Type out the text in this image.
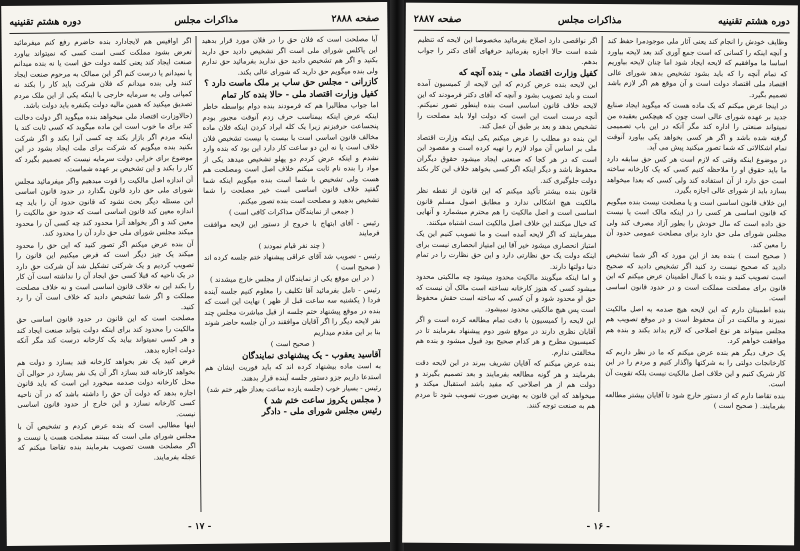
صفحه ۲۸۸۸
مذاکرات مجلس
دوره هشتم تقنینیه

آیا مصلحت است که فلان حق را در فلان مورد قرار بدهید این پاکلس شورای ملی است اگر تشخیص دادید حق دارید بکنید و اگر هم تشخیص دادید حق ندارید بفرمائید حق ندارم ولی بنده میگویم حق دارید که شورای عالی بکند.

کازرانی - مجلس حق ساب بر ملک ماست دارد ؟

کفیل وزارت اقتصاد ملی - حالا بنده کار تمام

اما جواب مطالبرا هم که فرمودند بنده دوام بواسطه خاطر اینکه عرض اینکه بیمناسب حرف زدم آنوقت مجبور بودم پنجساعت حرفبزنم زیرا یک کله ایراد کردن اینکه فلان ماده مخالف قانون اساسی است یا بیست یا نیست تشخیص فلان خلاف است یا نه این دو ساعت کار دارد این بود که بنده وارد نشدم و اینکه عرض کردم دو پهلو تشخیص میدهد یکی از مواد را بنده نام ثابت میکنم خلاف اصل است ومصلحت هم هست ولی تشخیص با شما است بنده میگویم اینکه شما گفتید خلاف قانون اساسی است خیر مصلحت را شما تشخیص بدهید و مصلحت است بنده تصور میکنم.

( جمعی از نمایندگان مذاکرات کافی است )

رئیس - آقای ابتهاج با خروج از دستور این لایحه موافقت فرمایند

( چند نفر قیام نمودند )

رئیس - تصویب شد آقای عراقی پیشنهاد ختم جلسه کرده اند ( صحیح است )

( در این موقع یکی از نمایندگان از مجلس خارج میشدند )

رئیس - تامل بفرمائید آقا تکلیف را معلوم کنیم جلسه آینده فردا ( یکشنبه سه ساعت قبل از ظهر ) نهایت این است که بنده در موقع پیشنهاد ختم جلسه از قبل مباشرت مجلس چند نفر لایحه دیگر را اگر آقایان موافقند در آن جلسه حاضر شوند بنا بر این مقدم میداریم

( صحیح است )

آقاسید یعقوب - یک پیشنهادی نمایندگان

به است ماده بیشنهاد کرده اند که باید فوریت ایشان هم استدعا داریم جزو دستور جلسه آینده قرار بدهند.

رئیس - بسیار خوب (جلسه یازده ساعت بعداز ظهر ختم شد)

( مجلس یکروز ساعت ختم شد )

رئیس مجلس شورای ملی - دادگر

اگر اوافیس هم لایجادارد بنده حاضرم رفع کنم میفرمائید تعرض بشود مملکت کسی است کسی که نمیتواند بیاورد صنعت ایجاد کند یعنی کلمه دولت حق است یا نه بنده میدانم یا نمیدانم یا درست کنم اگر این ممالک به مرحوم صنعت ایجاد کنند ولی بنده میدانم که فلان شرکت باید کار را بکند نه کمپانی ولی به سرمایه خارجی یا اینکه یکی از این ملک مردم تصدیق میکنید که همین مالیه دولت یکنفره باید دولت باشد.

(حالاوزارت اقتصاد ملی میخواهد بنده میگوید اگر دولت دخالت کند برای ما خوب است این ماده میگوید که کسی ثابت کند یا اینکه مردم اگر بازار بکند چه کسی آنرا بکند و اگر شرکت بکنید بنده میگویم که شرکت برای ملت ایجاد بشود در این موضوع برای خرابی دولت سرمایه نیست که تصمیم بگیرد که کار را بکند و این تشخیص بر عهده شماست.

آن اندازه اصل مالکیت را قوت میدهیم واگر میفرمائید مجلس شورای ملی حق دارد قانون بگذارد در حدود قانون اساسی این مسئله دیگر بحث نشود که قانون حدود آن را باید چه اندازه معین کند قانون اساسی است که حدود حق مالکیت را معین کند و اگر بخواهد آنرا محدود کند چه کسی آن را محدود میکند مجلس شورای ملی حق دارد آن را محدود کند.

آن بنده عرض میکنم اگر تصور کنید که این حق را محدود میکند یک چیز دیگر است که فرض میکنیم این قانون را تصویب کردیم و یک شرکتی تشکیل شد آن شرکت حق دارد در یک ناحیه که قبلا کسی حق ایجاد آن را نداشته است آن کار را بکند این نه خلاف قانون اساسی است و نه خلاف مصلحت مملکت و اگر شما تشخیص دادید که خلاف است آن را رد کنید.

مصلحت است که این قانون در حدود قانون اساسی حق مالکیت را محدود کند برای اینکه دولت بتواند صنعت ایجاد کند و هر کسی نمیتواند بیاید یک کارخانه درست کند مگر آنکه دولت اجازه بدهد.

فرض کنید یک نفر بخواهد کارخانه قند بسازد و دولت هم بخواهد کارخانه قند بسازد اگر آن یک نفر بسازد در حوالی آن محل کارخانه دولت صدمه میخورد این است که باید قانون اجازه بدهد که دولت آن حق را داشته باشد که در آن ناحیه کسی کارخانه نسازد و این خارج از حدود قانون اساسی نیست.

اینها مطالبی است که بنده عرض کردم و تشخیص آن با مجلس شورای ملی است که ببینند مصلحت هست یا نیست و اگر مصلحت هست تصویب بفرمایند بنده تقاضا میکنم که عجله بفرمایند.

- ۱۷ -
دوره هشتم تقنینیه
مذاکرات مجلس
صفحه ۲۸۸۷

وظایف خودش را انجام کند یعنی آثار ملی موجودمرا حفظ کند و آنچه اینکه را کسانی که است جمع آوری کند بعد لایحه بیاورد اساسا ما موافقیم که لایحه ایجاد شود اما چنان لایحه بیاوریم که تمام آنچه را که باید بشود تشخیص بدهد شورای عالی اقتصاد ملی اقتصاد دولت است و آن موقع هم اگر لازم باشد تصمیم بگیرد.

در اینجا عرض میکنم که یک ماده هست که میگوید ایجاد صنایع جدید بر عهده شورای عالی است چون که هیچکس بعقیده من نمیتواند صنعتی را اداره کند مگر آنکه در این باب تصمیمی گرفته شده باشد و اگر هر کسی بخواهد یکی بیاورد آنوقت تمام اشکالاتی که شما تصور میکنید پیش می آید.

در موضوع اینکه وقتی که لازم است هر کس حق سابقه دارد ما باید حقوق او را ملاحظه کنیم کسی که یک کارخانه ساخته است حق دارد از آن استفاده کند ولی کسی که بعدا میخواهد بسازد باید از شورای عالی اجازه بگیرد.

این خلاف قانون اساسی است و یا مصلحت نیست بنده میگویم که قانون اساسی هر کسی را در اینکه مالک است یا نیست حق داده است که مال خودش را بطور آزاد مصرف کند ولی مجلس شورای ملی حق دارد برای مصلحت عمومی حدود آن را معین کند.

( صحیح است ) بنده بعد از این مورد که اگر شما تشخیص دادید که صحیح نیست رد کنید اگر تشخیص دادید که صحیح است تصویب کنید و بنده با کمال اطمینان عرض میکنم که این قانون برای مصلحت مملکت است و در حدود قانون اساسی است.

بنده اطمینان دارم که این لایحه هیچ صدمه به اصل مالکیت نمیزند و مالکیت در آن محفوظ است و در موقع تصویب هم مجلس میتواند هر نوع اصلاحی که لازم بداند بکند و بنده هم موافقت خواهم کرد.

یک حرف دیگر هم بنده عرض میکنم که ما در نظر داریم که کارخانجات دولتی را به شرکتها واگذار کنیم و مردم را در این کار شریک کنیم و این خلاف اصل مالکیت نیست بلکه تقویت آن است.

بنده تقاضا دارم که از دستور خارج شود تا آقایان بیشتر مطالعه بفرمایند. ( صحیح است )

اگر نواقصی دارد اصلاح بفرمائید مخصوصا این لایحه که تنظیم شده است حالا اجازه بفرمائید حرفهای آقای دکتر را جواب بدهم.

کفیل وزارت اقتصاد ملی - بنده آنچه که

این لایحه بنده عرض کردم که این لایحه از کمیسیون آمده است و باید تصویب بشود و آنچه که آقای دکتر فرمودند که این لایحه خلاف قانون اساسی است بنده اینطور تصور نمیکنم. آنچه درست است این است که دولت اولا باید مصلحت را تشخیص بدهد و بعد بر طبق آن عمل کند.

این بنده دو مطلب را عرض میکنم یکی اینکه وزارت اقتصاد ملی بر اساس آن مواد لازم را تهیه کرده است و مقصود این است که در هر کجا که صنعتی ایجاد میشود حقوق دیگران محفوظ باشد و دیگر اینکه اگر کسی بخواهد خلاف این کار بکند دولت جلوگیری کند.

قانون بنده بیشتر تأکید میکنم که این قانون از نقطه نظر مالکیت هیچ اشکالی ندارد و مطابق اصول مسلم قانون اساسی است و اصل مالکیت را هم محترم میشمارد و آنهایی که خیال میکنند این خلاف اصل مالکیت است اشتباه میکنند.

میفرمایند که اگر لایحه آمده است و ما تصویب کنیم این یک امتیاز انحصاری میشود خیر آقا این امتیاز انحصاری نیست برای اینکه دولت یک حق نظارتی دارد و این حق نظارت را در تمام دنیا دولتها دارند.

و اما اینکه میگویند مالکیت محدود میشود چه مالکیتی محدود میشود کسی که هنوز کارخانه نساخته است مالک آن نیست که حق او محدود شود و آن کسی که ساخته است حقش محفوظ است پس هیچ مالکیتی محدود نمیشود.

این لایحه را کمیسیون با دقت تمام مطالعه کرده است و اگر آقایان نظری دارند در موقع شور دوم پیشنهاد بفرمایند تا در کمیسیون مطرح و هر کدام صحیح بود قبول میشود و بنده هم مخالفتی ندارم.

بنده عرض میکنم که آقایان تشریف ببرند در این لایحه دقت بفرمایند و هر گونه مطالعه بفرمایند و بعد تصمیم بگیرند و دولت هم از هر اصلاحی که مفید باشد استقبال میکند و میخواهد که این قانون به بهترین صورت تصویب شود تا مردم هم به صنعت توجه کنند.

- ۱۶ -
